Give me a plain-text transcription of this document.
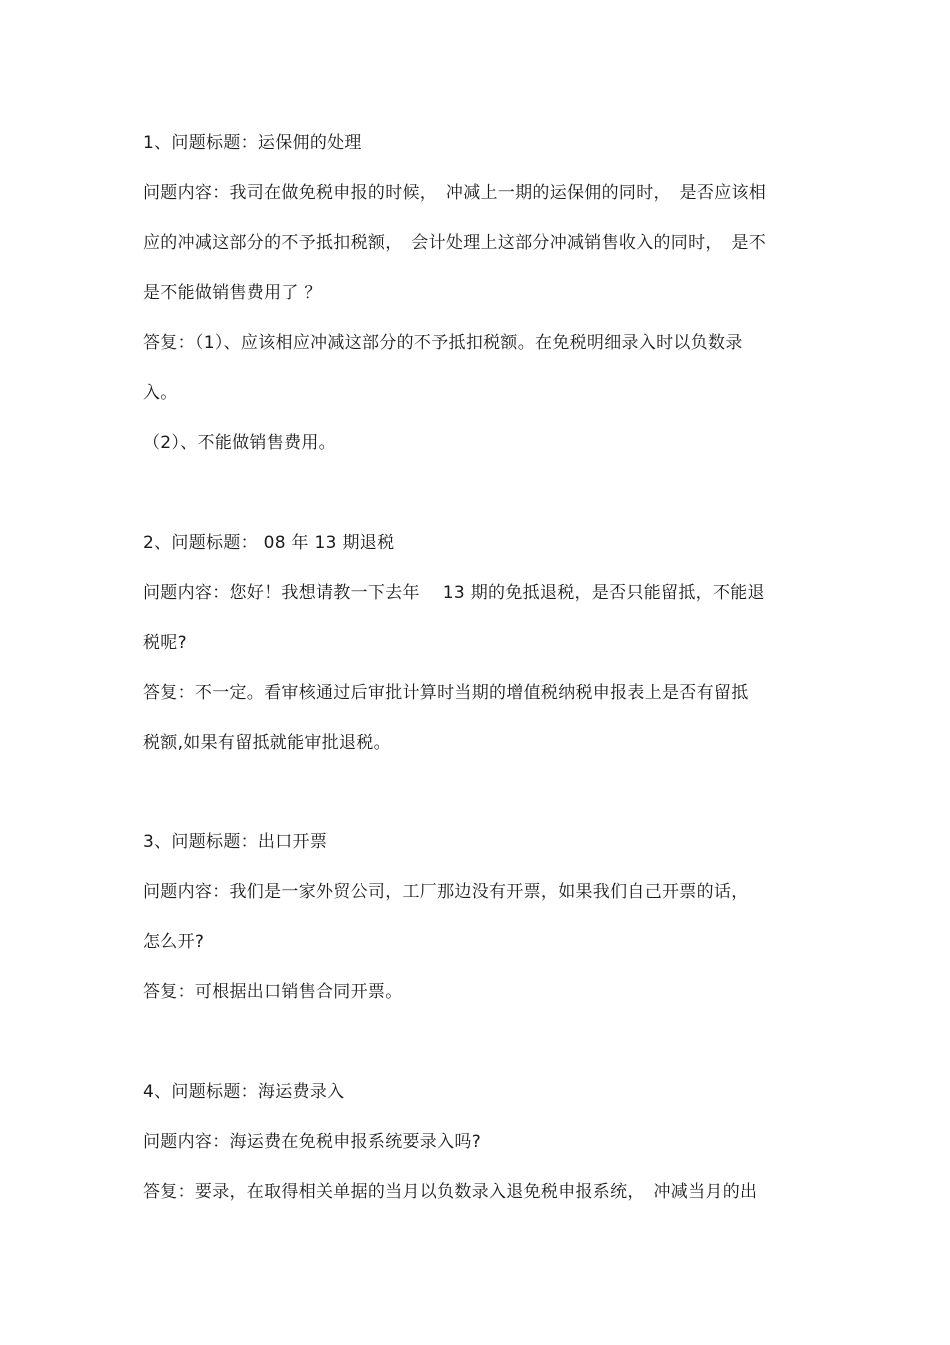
1、问题标题：运保佣的处理
问题内容：我司在做免税申报的时候，　冲减上一期的运保佣的同时，　是否应该相
应的冲减这部分的不予抵扣税额，　会计处理上这部分冲减销售收入的同时，　是不
是不能做销售费用了 ？
答复：（1）、应该相应冲减这部分的不予抵扣税额。在免税明细录入时以负数录
入。
（2）、不能做销售费用。
2、问题标题： 08 年 13 期退税
问题内容：您好！我想请教一下去年　 13 期的免抵退税，是否只能留抵，不能退
税呢?
答复：不一定。看审核通过后审批计算时当期的增值税纳税申报表上是否有留抵
税额,如果有留抵就能审批退税。
3、问题标题：出口开票
问题内容：我们是一家外贸公司，工厂那边没有开票，如果我们自己开票的话，
怎么开?
答复：可根据出口销售合同开票。
4、问题标题：海运费录入
问题内容：海运费在免税申报系统要录入吗?
答复：要录，在取得相关单据的当月以负数录入退免税申报系统，　冲减当月的出
